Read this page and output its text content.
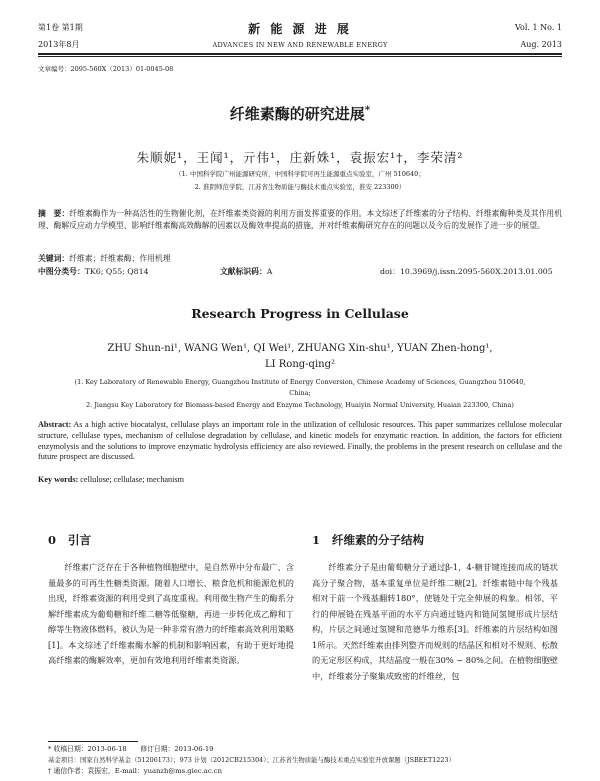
第1卷 第1期
2013年8月
新 能 源 进 展
ADVANCES IN NEW AND RENEWABLE ENERGY
Vol. 1 No. 1
Aug. 2013
文章编号：2095-560X（2013）01-0045-08
纤维素酶的研究进展*
朱顺妮¹，王闻¹，亓伟¹，庄新姝¹，袁振宏¹†，李荣清²
（1. 中国科学院广州能源研究所，中国科学院可再生能源重点实验室，广州 510640；
2. 淮阴师范学院，江苏省生物质能与酶技术重点实验室，淮安 223300）
摘　要：纤维素酶作为一种高活性的生物催化剂，在纤维素类资源的利用方面发挥重要的作用。本文综述了纤维素的分子结构、纤维素酶种类及其作用机理、酶解反应动力学模型、影响纤维素酶高效酶解的因素以及酶效率提高的措施，并对纤维素酶研究存在的问题以及今后的发展作了进一步的展望。
关键词：纤维素；纤维素酶；作用机理
中图分类号：TK6; Q55; Q814	文献标识码：A	doi：10.3969/j.issn.2095-560X.2013.01.005
Research Progress in Cellulase
ZHU Shun-ni¹, WANG Wen¹, QI Wei¹, ZHUANG Xin-shu¹, YUAN Zhen-hong¹,
LI Rong-qing²
(1. Key Laboratory of Renewable Energy, Guangzhou Institute of Energy Conversion, Chinese Academy of Sciences, Guangzhou 510640,
China;
2. Jiangsu Key Laboratory for Biomass-based Energy and Enzyme Technology, Huaiyin Normal University, Huaian 223300, China)
Abstract: As a high active biocatalyst, cellulase plays an important role in the utilization of cellulosic resources. This paper summarizes cellulose molecular structure, cellulase types, mechanism of cellulose degradation by cellulase, and kinetic models for enzymatic reaction. In addition, the factors for efficient enzymolysis and the solutions to improve enzymatic hydrolysis efficiency are also reviewed. Finally, the problems in the present research on cellulase and the future prospect are discussed.
Key words: cellulose; cellulase; mechanism
0 引言
纤维素广泛存在于各种植物细胞壁中，是自然界中分布最广、含量最多的可再生性糖类资源。随着人口增长、粮食危机和能源危机的出现，纤维素资源的利用受到了高度重视。利用微生物产生的酶系分解纤维素成为葡萄糖和纤维二糖等低聚糖，再进一步转化成乙醇和丁醇等生物液体燃料，被认为是一种非常有潜力的纤维素高效利用策略[1]。本文综述了纤维素酶水解的机制和影响因素，有助于更好地提高纤维素的酶解效率，更加有效地利用纤维素类资源。
1 纤维素的分子结构
纤维素分子是由葡萄糖分子通过β-1，4-糖苷键连接而成的链状高分子聚合物，基本重复单位是纤维二糖[2]。纤维素链中每个残基相对于前一个残基翻转180°，使链处于完全伸展的构象。相邻、平行的伸展链在残基平面的水平方向通过链内和链间氢键形成片层结构，片层之间通过氢键和范德华力维系[3]。纤维素的片层结构如图1所示。天然纤维素由排列整齐而规则的结晶区和相对不规则、松散的无定形区构成，其结晶度一般在30% ~ 80%之间。在植物细胞壁中，纤维素分子聚集成致密的纤维丝，包
* 收稿日期：2013-06-18　　修订日期：2013-06-19
基金项目：国家自然科学基金（51206173）；973 计划（2012CB215304）；江苏省生物质能与酶技术重点实验室开放课题（JSBEET1223）
† 通信作者：袁振宏，E-mail：yuanzh@ms.giec.ac.cn
